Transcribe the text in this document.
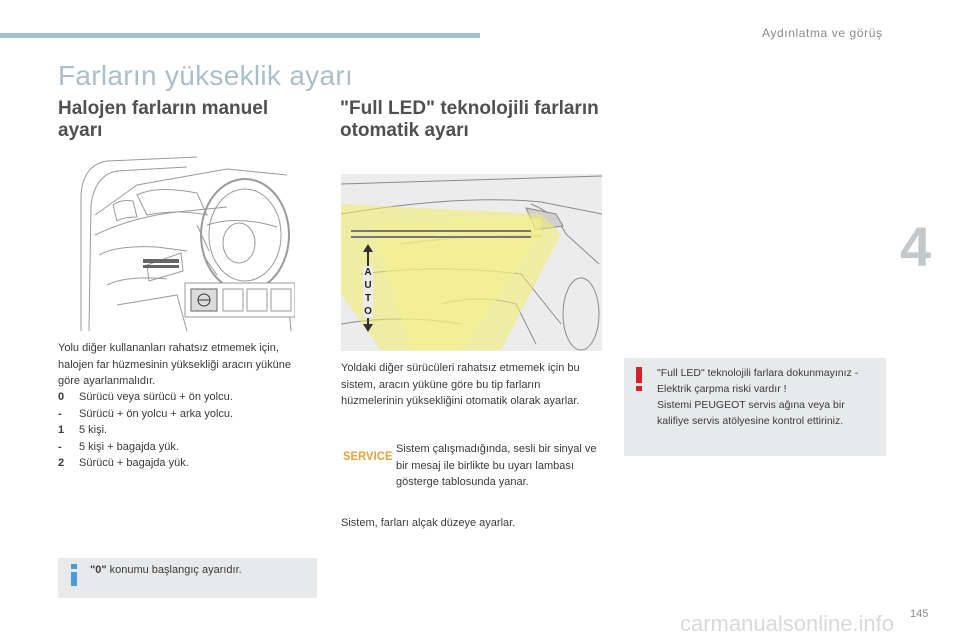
Aydınlatma ve görüş
4
Farların yükseklik ayarı
Halojen farların manuel ayarı
"Full LED" teknolojili farların otomatik ayarı
A
U
T
O

Yolu diğer kullananları rahatsız etmemek için, halojen far hüzmesinin yüksekliği aracın yüküne göre ayarlanmalıdır.

0	Sürücü veya sürücü + ön yolcu.
-	Sürücü + ön yolcu + arka yolcu.
1	5 kişi.
-	5 kişi + bagajda yük.
2	Sürücü + bagajda yük.
"0" konumu başlangıç ayarıdır.

Yoldaki diğer sürücüleri rahatsız etmemek için bu sistem, aracın yüküne göre bu tip farların hüzmelerinin yüksekliğini otomatik olarak ayarlar.

SERVICE Sistem çalışmadığında, sesli bir sinyal ve bir mesaj ile birlikte bu uyarı lambası gösterge tablosunda yanar.

Sistem, farları alçak düzeye ayarlar.

"Full LED" teknolojili farlara dokunmayınız - Elektrik çarpma riski vardır !
Sistemi PEUGEOT servis ağına veya bir kalifiye servis atölyesine kontrol ettiriniz.
carmanualsonline.info 145
